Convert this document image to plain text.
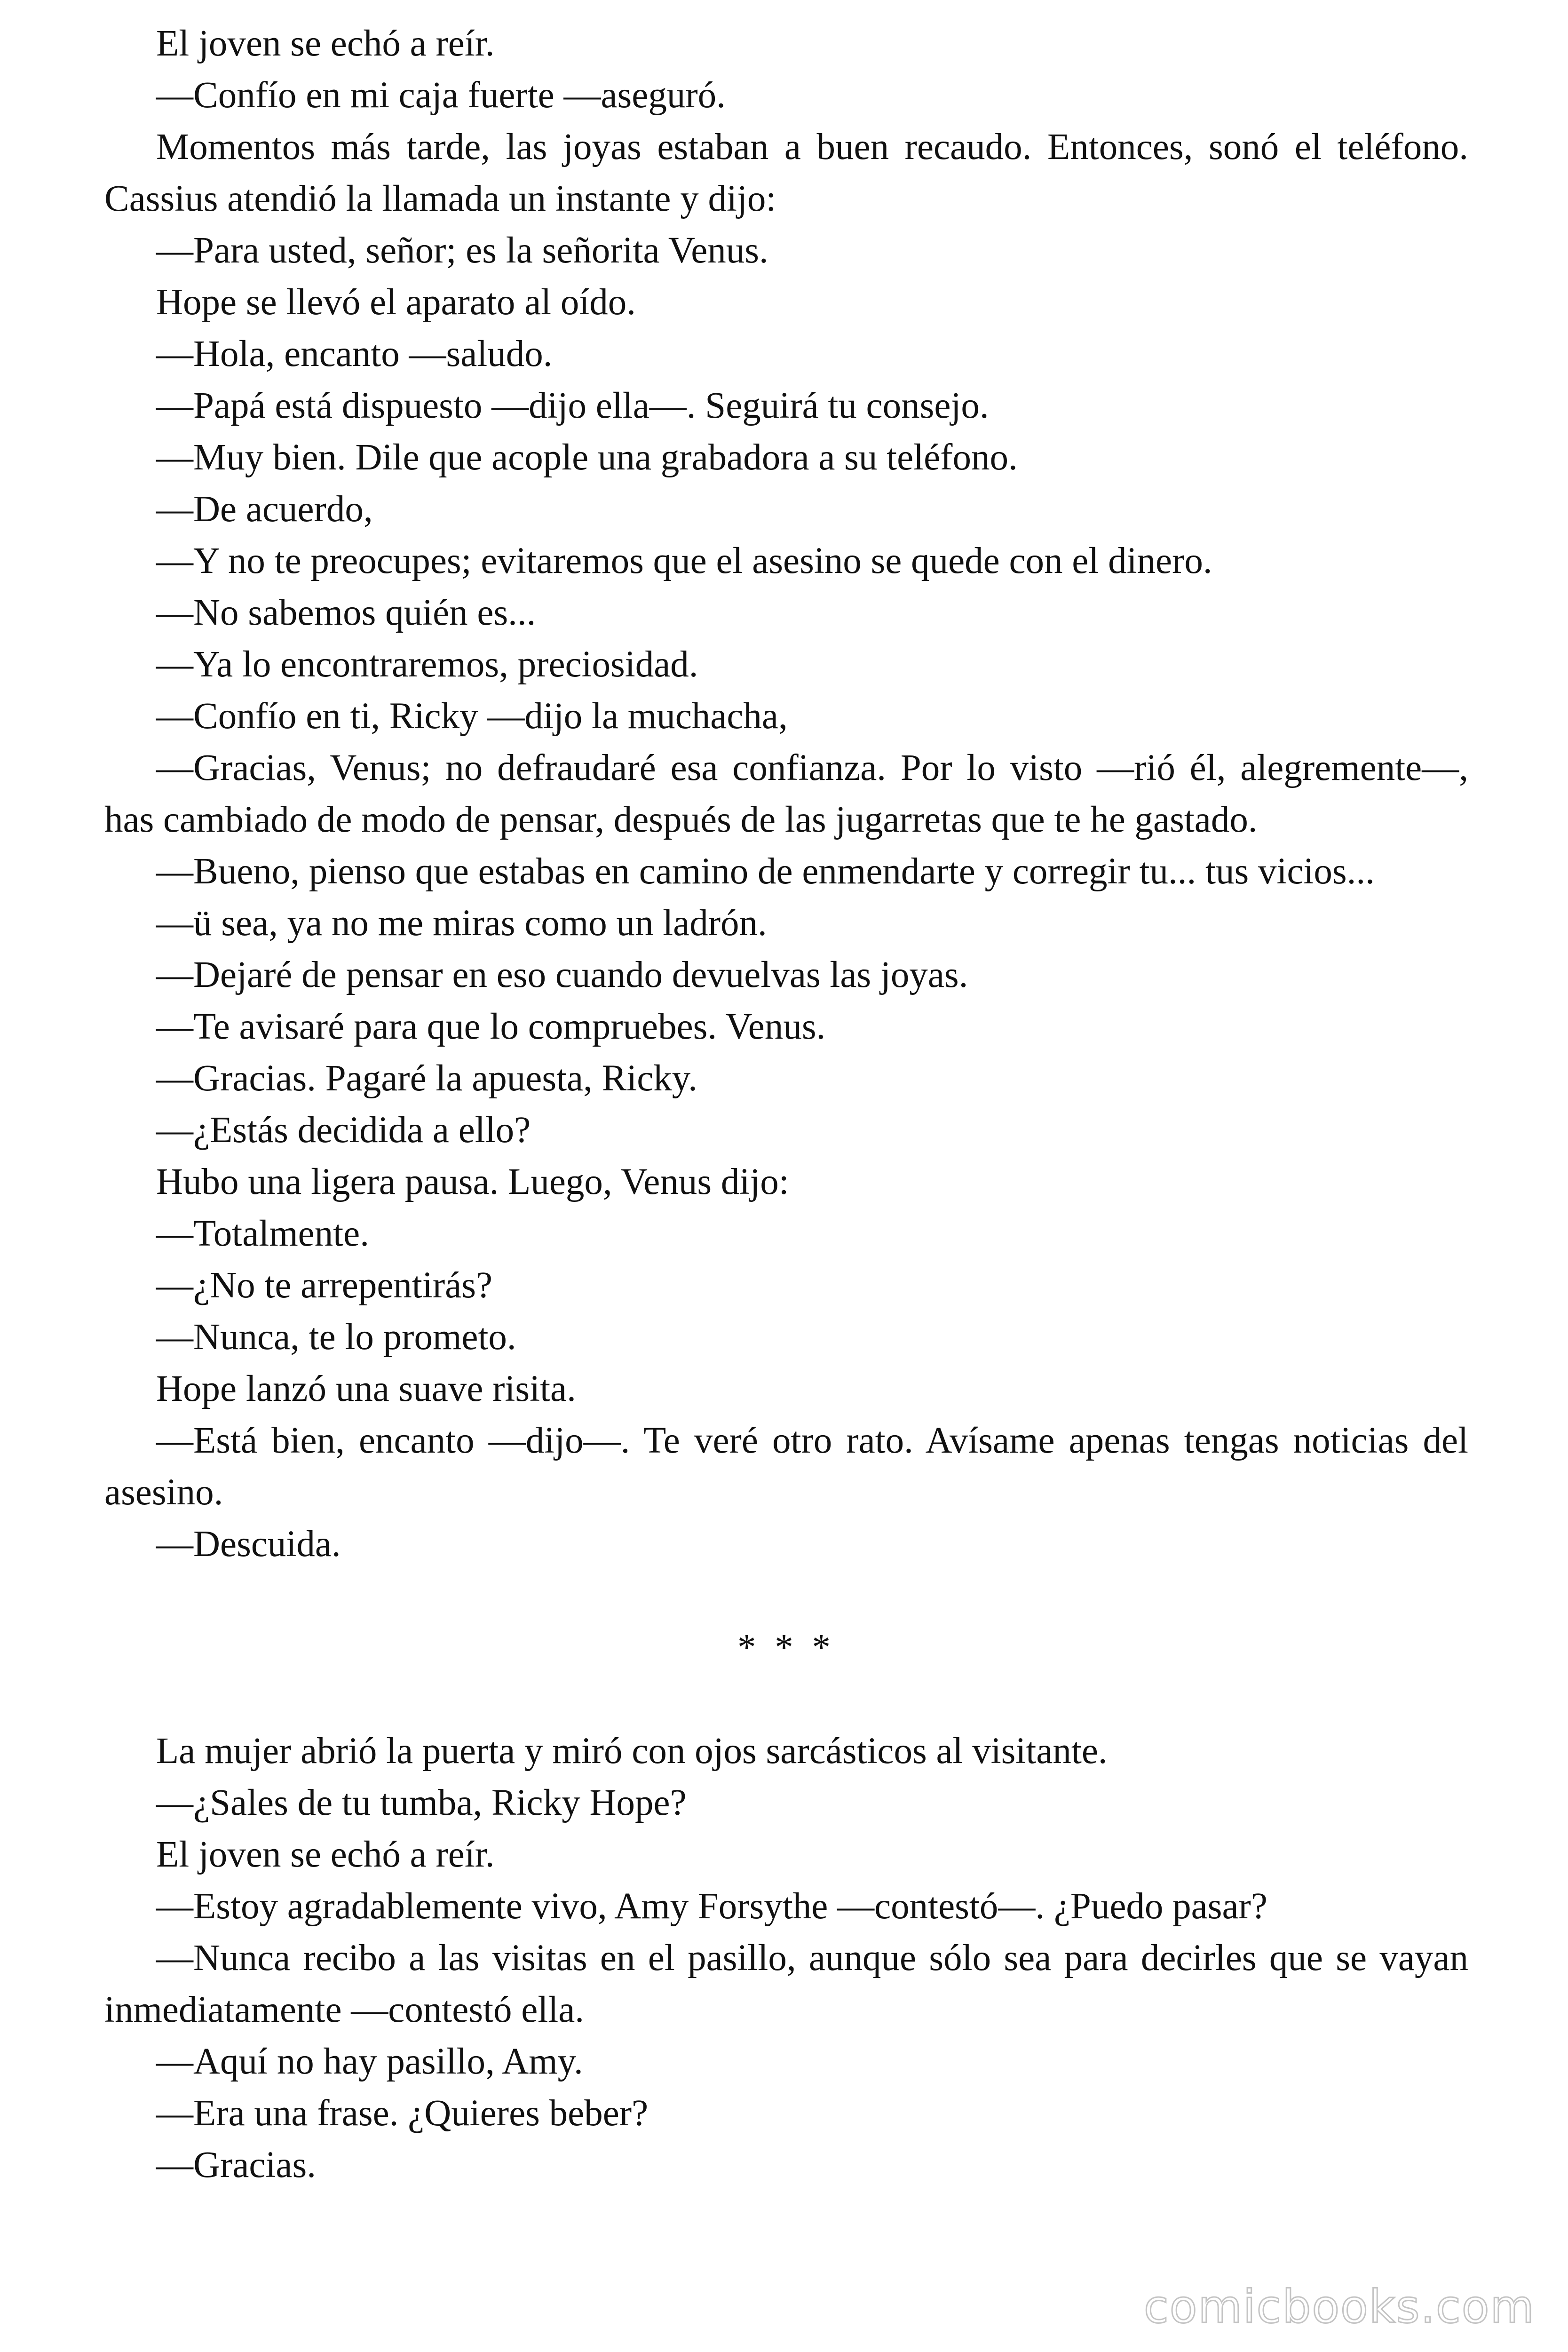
El joven se echó a reír.

—Confío en mi caja fuerte —aseguró.

Momentos más tarde, las joyas estaban a buen recaudo. Entonces, sonó el teléfono. Cassius atendió la llamada un instante y dijo:

—Para usted, señor; es la señorita Venus.

Hope se llevó el aparato al oído.

—Hola, encanto —saludo.

—Papá está dispuesto —dijo ella—. Seguirá tu consejo.

—Muy bien. Dile que acople una grabadora a su teléfono.

—De acuerdo,

—Y no te preocupes; evitaremos que el asesino se quede con el dinero.

—No sabemos quién es...

—Ya lo encontraremos, preciosidad.

—Confío en ti, Ricky —dijo la muchacha,

—Gracias, Venus; no defraudaré esa confianza. Por lo visto —rió él, alegremente—, has cambiado de modo de pensar, después de las jugarretas que te he gastado.

—Bueno, pienso que estabas en camino de enmendarte y corregir tu... tus vicios...

—ü sea, ya no me miras como un ladrón.

—Dejaré de pensar en eso cuando devuelvas las joyas.

—Te avisaré para que lo compruebes. Venus.

—Gracias. Pagaré la apuesta, Ricky.

—¿Estás decidida a ello?

Hubo una ligera pausa. Luego, Venus dijo:

—Totalmente.

—¿No te arrepentirás?

—Nunca, te lo prometo.

Hope lanzó una suave risita.

—Está bien, encanto —dijo—. Te veré otro rato. Avísame apenas tengas noticias del asesino.

—Descuida.

* * *

La mujer abrió la puerta y miró con ojos sarcásticos al visitante.

—¿Sales de tu tumba, Ricky Hope?

El joven se echó a reír.

—Estoy agradablemente vivo, Amy Forsythe —contestó—. ¿Puedo pasar?

—Nunca recibo a las visitas en el pasillo, aunque sólo sea para decirles que se vayan inmediatamente —contestó ella.

—Aquí no hay pasillo, Amy.

—Era una frase. ¿Quieres beber?

—Gracias.

comicbooks.com
